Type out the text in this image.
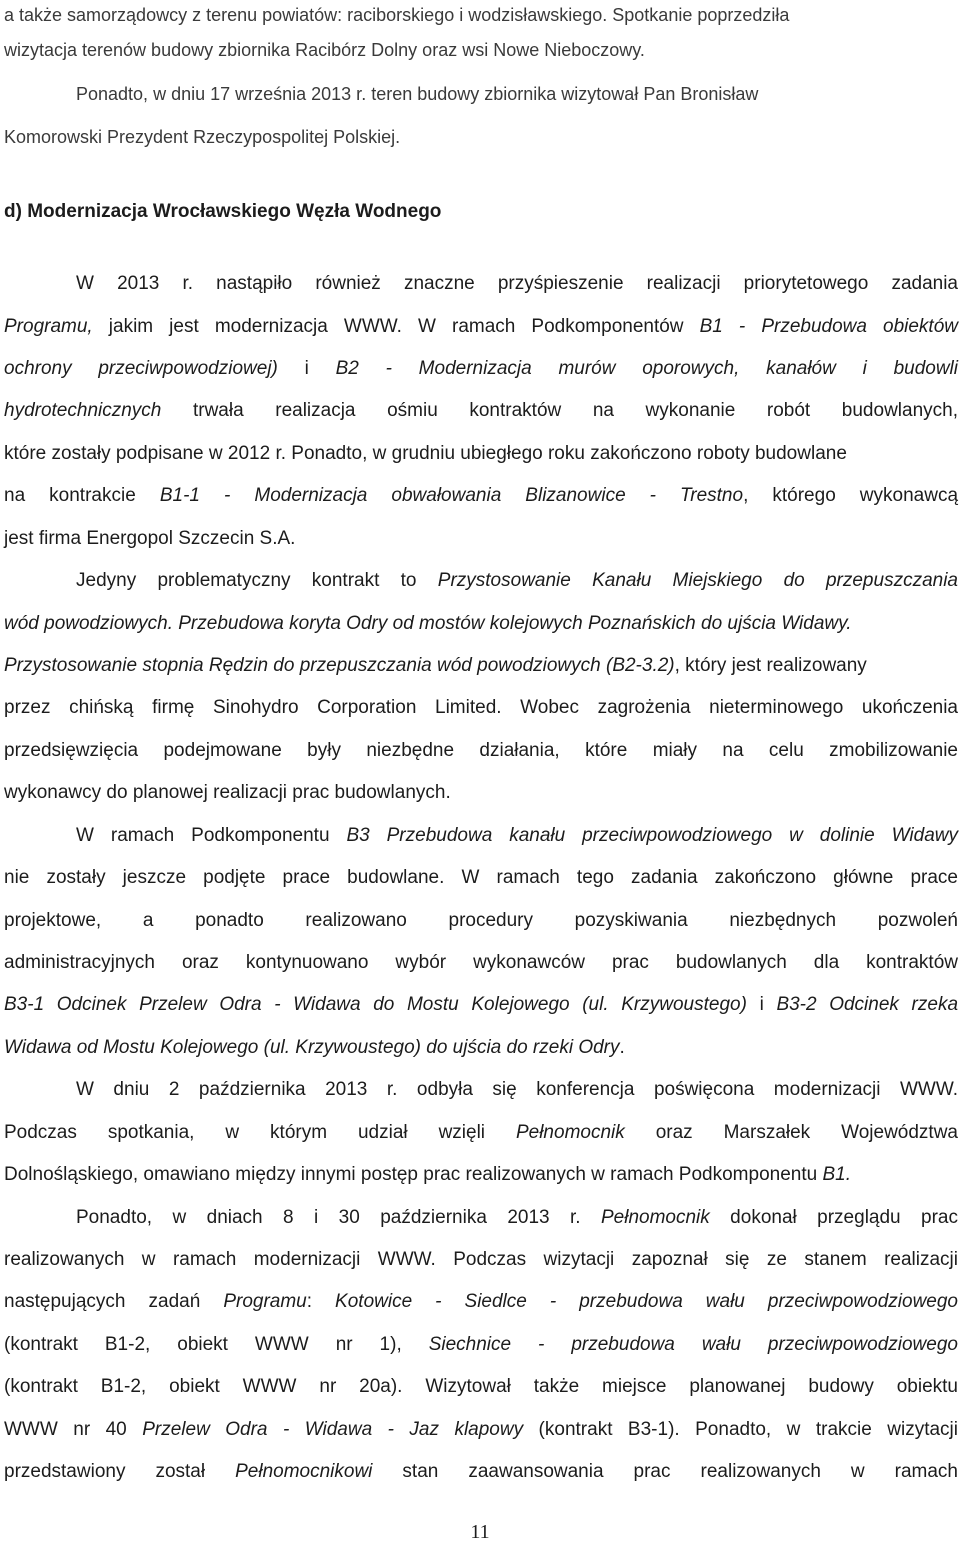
a także samorządowcy z terenu powiatów: raciborskiego i wodzisławskiego. Spotkanie poprzedziła

wizytacja terenów budowy zbiornika Racibórz Dolny oraz wsi Nowe Nieboczowy.

Ponadto, w dniu 17 września 2013 r. teren budowy zbiornika wizytował Pan Bronisław

Komorowski Prezydent Rzeczypospolitej Polskiej.

d) Modernizacja Wrocławskiego Węzła Wodnego

W 2013 r. nastąpiło również znaczne przyśpieszenie realizacji priorytetowego zadania

Programu, jakim jest modernizacja WWW. W ramach Podkomponentów B1 - Przebudowa obiektów

ochrony przeciwpowodziowej) i B2 - Modernizacja murów oporowych, kanałów i budowli

hydrotechnicznych trwała realizacja ośmiu kontraktów na wykonanie robót budowlanych,

które zostały podpisane w 2012 r. Ponadto, w grudniu ubiegłego roku zakończono roboty budowlane

na kontrakcie B1-1 - Modernizacja obwałowania Blizanowice - Trestno, którego wykonawcą

jest firma Energopol Szczecin S.A.

Jedyny problematyczny kontrakt to Przystosowanie Kanału Miejskiego do przepuszczania

wód powodziowych. Przebudowa koryta Odry od mostów kolejowych Poznańskich do ujścia Widawy.

Przystosowanie stopnia Rędzin do przepuszczania wód powodziowych (B2-3.2), który jest realizowany

przez chińską firmę Sinohydro Corporation Limited. Wobec zagrożenia nieterminowego ukończenia

przedsięwzięcia podejmowane były niezbędne działania, które miały na celu zmobilizowanie

wykonawcy do planowej realizacji prac budowlanych.

W ramach Podkomponentu B3 Przebudowa kanału przeciwpowodziowego w dolinie Widawy

nie zostały jeszcze podjęte prace budowlane. W ramach tego zadania zakończono główne prace

projektowe, a ponadto realizowano procedury pozyskiwania niezbędnych pozwoleń

administracyjnych oraz kontynuowano wybór wykonawców prac budowlanych dla kontraktów

B3-1 Odcinek Przelew Odra - Widawa do Mostu Kolejowego (ul. Krzywoustego) i B3-2 Odcinek rzeka

Widawa od Mostu Kolejowego (ul. Krzywoustego) do ujścia do rzeki Odry.

W dniu 2 października 2013 r. odbyła się konferencja poświęcona modernizacji WWW.

Podczas spotkania, w którym udział wzięli Pełnomocnik oraz Marszałek Województwa

Dolnośląskiego, omawiano między innymi postęp prac realizowanych w ramach Podkomponentu B1.

Ponadto, w dniach 8 i 30 października 2013 r. Pełnomocnik dokonał przeglądu prac

realizowanych w ramach modernizacji WWW. Podczas wizytacji zapoznał się ze stanem realizacji

następujących zadań Programu: Kotowice - Siedlce - przebudowa wału przeciwpowodziowego

(kontrakt B1-2, obiekt WWW nr 1), Siechnice - przebudowa wału przeciwpowodziowego

(kontrakt B1-2, obiekt WWW nr 20a). Wizytował także miejsce planowanej budowy obiektu

WWW nr 40 Przelew Odra - Widawa - Jaz klapowy (kontrakt B3-1). Ponadto, w trakcie wizytacji

przedstawiony został Pełnomocnikowi stan zaawansowania prac realizowanych w ramach

11
